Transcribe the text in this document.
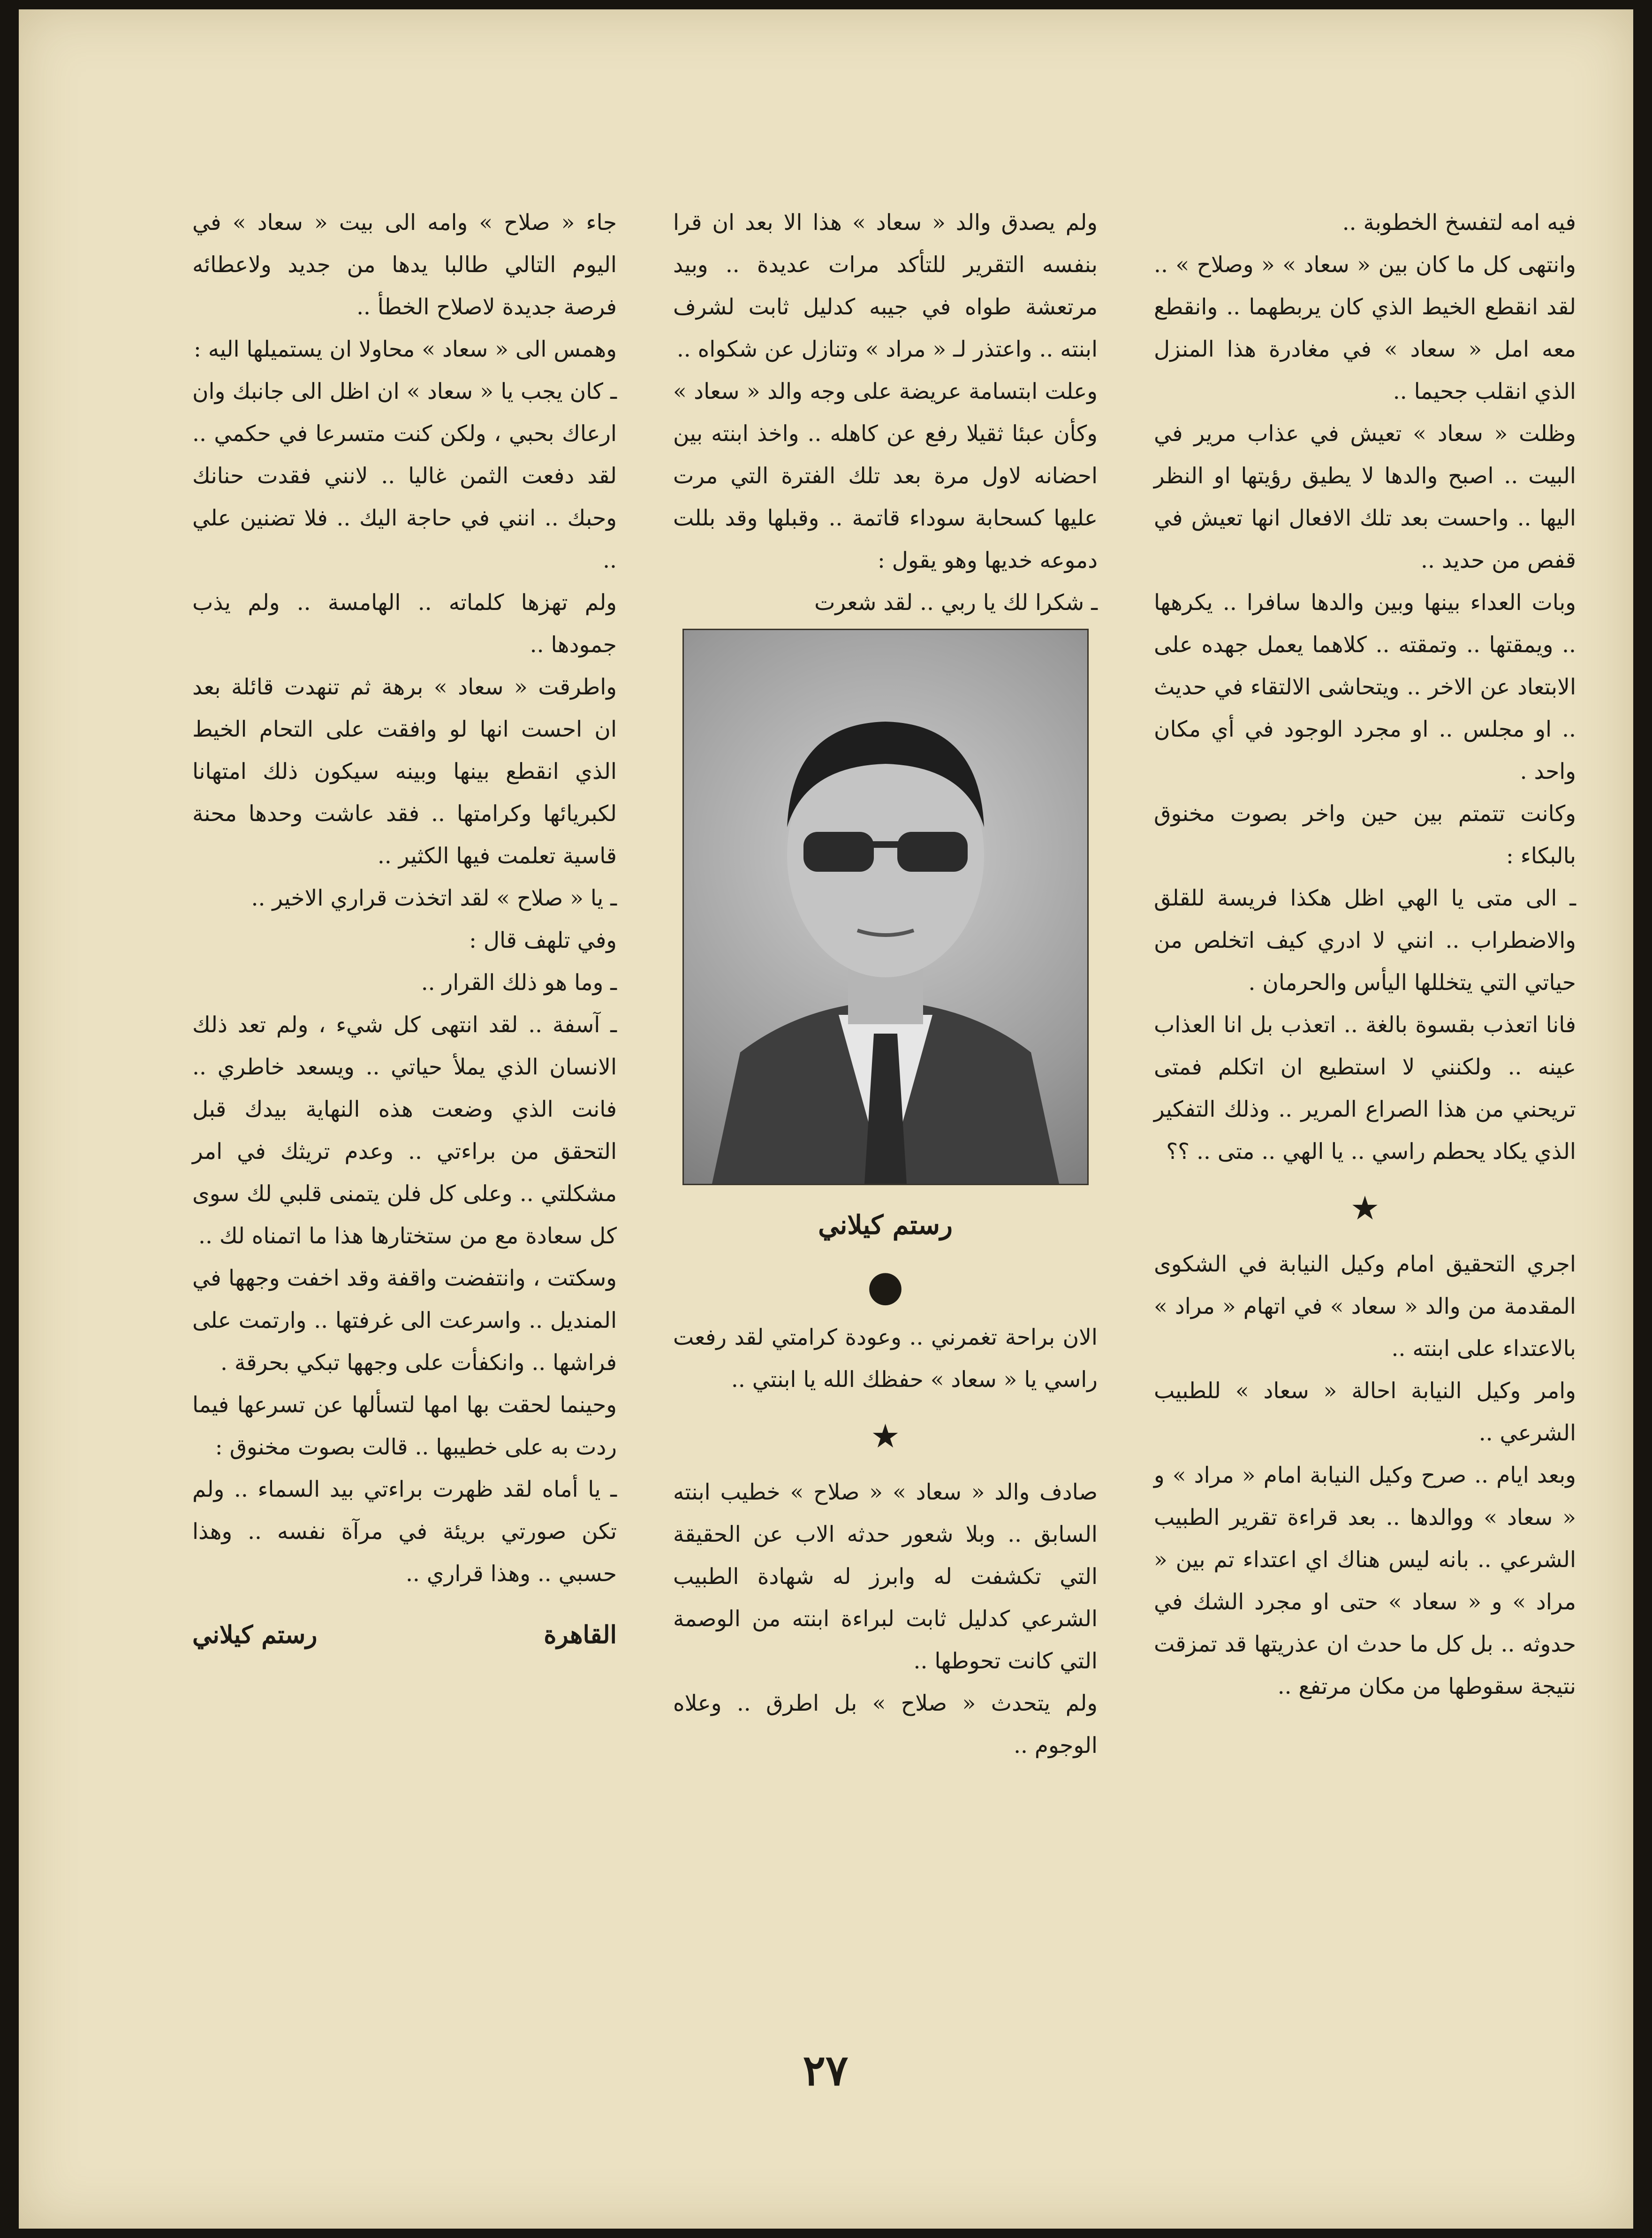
فيه امه لتفسخ الخطوبة ..

وانتهى كل ما كان بين « سعاد » « وصلاح » .. لقد انقطع الخيط الذي كان يربطهما .. وانقطع معه امل « سعاد » في مغادرة هذا المنزل الذي انقلب جحيما ..

وظلت « سعاد » تعيش في عذاب مرير في البيت .. اصبح والدها لا يطيق رؤيتها او النظر اليها .. واحست بعد تلك الافعال انها تعيش في قفص من حديد ..

وبات العداء بينها وبين والدها سافرا .. يكرهها .. ويمقتها .. وتمقته .. كلاهما يعمل جهده على الابتعاد عن الاخر .. ويتحاشى الالتقاء في حديث .. او مجلس .. او مجرد الوجود في أي مكان واحد .

وكانت تتمتم بين حين واخر بصوت مخنوق بالبكاء :

ـ الى متى يا الهي اظل هكذا فريسة للقلق والاضطراب .. انني لا ادري كيف اتخلص من حياتي التي يتخللها اليأس والحرمان .

فانا اتعذب بقسوة بالغة .. اتعذب بل انا العذاب عينه .. ولكنني لا استطيع ان اتكلم فمتى تريحني من هذا الصراع المرير .. وذلك التفكير الذي يكاد يحطم راسي .. يا الهي .. متى .. ؟؟

★

اجري التحقيق امام وكيل النيابة في الشكوى المقدمة من والد « سعاد » في اتهام « مراد » بالاعتداء على ابنته ..

وامر وكيل النيابة احالة « سعاد » للطبيب الشرعي ..

وبعد ايام .. صرح وكيل النيابة امام « مراد » و « سعاد » ووالدها .. بعد قراءة تقرير الطبيب الشرعي .. بانه ليس هناك اي اعتداء تم بين « مراد » و « سعاد » حتى او مجرد الشك في حدوثه .. بل كل ما حدث ان عذريتها قد تمزقت نتيجة سقوطها من مكان مرتفع ..

ولم يصدق والد « سعاد » هذا الا بعد ان قرا بنفسه التقرير للتأكد مرات عديدة .. وبيد مرتعشة طواه في جيبه كدليل ثابت لشرف ابنته .. واعتذر لـ « مراد » وتنازل عن شكواه ..

وعلت ابتسامة عريضة على وجه والد « سعاد » وكأن عبئا ثقيلا رفع عن كاهله .. واخذ ابنته بين احضانه لاول مرة بعد تلك الفترة التي مرت عليها كسحابة سوداء قاتمة .. وقبلها وقد بللت دموعه خديها وهو يقول :

ـ شكرا لك يا ربي .. لقد شعرت

رستم كيلاني
●

الان براحة تغمرني .. وعودة كرامتي لقد رفعت راسي يا « سعاد » حفظك الله يا ابنتي ..

★

صادف والد « سعاد » « صلاح » خطيب ابنته السابق .. وبلا شعور حدثه الاب عن الحقيقة التي تكشفت له وابرز له شهادة الطبيب الشرعي كدليل ثابت لبراءة ابنته من الوصمة التي كانت تحوطها ..

ولم يتحدث « صلاح » بل اطرق .. وعلاه الوجوم ..

جاء « صلاح » وامه الى بيت « سعاد » في اليوم التالي طالبا يدها من جديد ولاعطائه فرصة جديدة لاصلاح الخطأ ..

وهمس الى « سعاد » محاولا ان يستميلها اليه :

ـ كان يجب يا « سعاد » ان اظل الى جانبك وان ارعاك بحبي ، ولكن كنت متسرعا في حكمي .. لقد دفعت الثمن غاليا .. لانني فقدت حنانك وحبك .. انني في حاجة اليك .. فلا تضنين علي ..

ولم تهزها كلماته .. الهامسة .. ولم يذب جمودها ..

واطرقت « سعاد » برهة ثم تنهدت قائلة بعد ان احست انها لو وافقت على التحام الخيط الذي انقطع بينها وبينه سيكون ذلك امتهانا لكبريائها وكرامتها .. فقد عاشت وحدها محنة قاسية تعلمت فيها الكثير ..

ـ يا « صلاح » لقد اتخذت قراري الاخير ..

وفي تلهف قال :

ـ وما هو ذلك القرار ..

ـ آسفة .. لقد انتهى كل شيء ، ولم تعد ذلك الانسان الذي يملأ حياتي .. ويسعد خاطري .. فانت الذي وضعت هذه النهاية بيدك قبل التحقق من براءتي .. وعدم تريثك في امر مشكلتي .. وعلى كل فلن يتمنى قلبي لك سوى كل سعادة مع من ستختارها هذا ما اتمناه لك ..

وسكتت ، وانتفضت واقفة وقد اخفت وجهها في المنديل .. واسرعت الى غرفتها .. وارتمت على فراشها .. وانكفأت على وجهها تبكي بحرقة .

وحينما لحقت بها امها لتسألها عن تسرعها فيما ردت به على خطيبها .. قالت بصوت مخنوق :

ـ يا أماه لقد ظهرت براءتي بيد السماء .. ولم تكن صورتي بريئة في مرآة نفسه .. وهذا حسبي .. وهذا قراري ..

القاهرة
رستم كيلاني
٢٧
